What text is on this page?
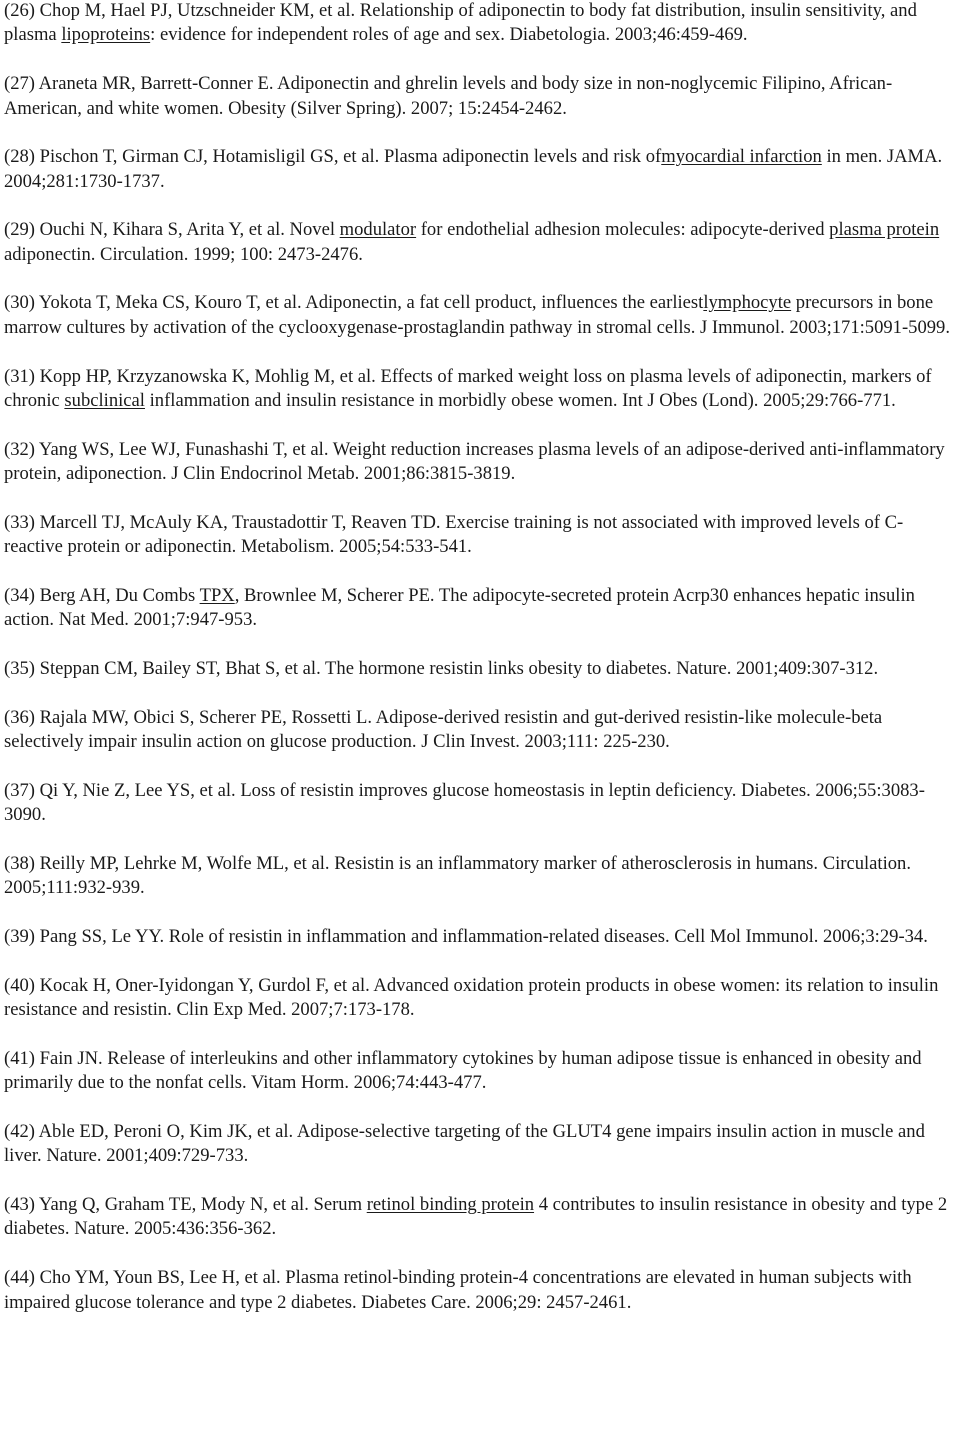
(26) Chop M, Hael PJ, Utzschneider KM, et al. Relationship of adiponectin to body fat distribution, insulin sensitivity, and plasma lipoproteins: evidence for independent roles of age and sex. Diabetologia. 2003;46:459-469.

(27) Araneta MR, Barrett-Conner E. Adiponectin and ghrelin levels and body size in non-noglycemic Filipino, African-American, and white women. Obesity (Silver Spring). 2007; 15:2454-2462.

(28) Pischon T, Girman CJ, Hotamisligil GS, et al. Plasma adiponectin levels and risk ofmyocardial infarction in men. JAMA. 2004;281:1730-1737.

(29) Ouchi N, Kihara S, Arita Y, et al. Novel modulator for endothelial adhesion molecules: adipocyte-derived plasma protein adiponectin. Circulation. 1999; 100: 2473-2476.

(30) Yokota T, Meka CS, Kouro T, et al. Adiponectin, a fat cell product, influences the earliestlymphocyte precursors in bone marrow cultures by activation of the cyclooxygenase-prostaglandin pathway in stromal cells. J Immunol. 2003;171:5091-5099.

(31) Kopp HP, Krzyzanowska K, Mohlig M, et al. Effects of marked weight loss on plasma levels of adiponectin, markers of chronic subclinical inflammation and insulin resistance in morbidly obese women. Int J Obes (Lond). 2005;29:766-771.

(32) Yang WS, Lee WJ, Funashashi T, et al. Weight reduction increases plasma levels of an adipose-derived anti-inflammatory protein, adiponection. J Clin Endocrinol Metab. 2001;86:3815-3819.

(33) Marcell TJ, McAuly KA, Traustadottir T, Reaven TD. Exercise training is not associated with improved levels of C-reactive protein or adiponectin. Metabolism. 2005;54:533-541.

(34) Berg AH, Du Combs TPX, Brownlee M, Scherer PE. The adipocyte-secreted protein Acrp30 enhances hepatic insulin action. Nat Med. 2001;7:947-953.

(35) Steppan CM, Bailey ST, Bhat S, et al. The hormone resistin links obesity to diabetes. Nature. 2001;409:307-312.

(36) Rajala MW, Obici S, Scherer PE, Rossetti L. Adipose-derived resistin and gut-derived resistin-like molecule-beta selectively impair insulin action on glucose production. J Clin Invest. 2003;111: 225-230.

(37) Qi Y, Nie Z, Lee YS, et al. Loss of resistin improves glucose homeostasis in leptin deficiency. Diabetes. 2006;55:3083-3090.

(38) Reilly MP, Lehrke M, Wolfe ML, et al. Resistin is an inflammatory marker of atherosclerosis in humans. Circulation. 2005;111:932-939.

(39) Pang SS, Le YY. Role of resistin in inflammation and inflammation-related diseases. Cell Mol Immunol. 2006;3:29-34.

(40) Kocak H, Oner-Iyidongan Y, Gurdol F, et al. Advanced oxidation protein products in obese women: its relation to insulin resistance and resistin. Clin Exp Med. 2007;7:173-178.

(41) Fain JN. Release of interleukins and other inflammatory cytokines by human adipose tissue is enhanced in obesity and primarily due to the nonfat cells. Vitam Horm. 2006;74:443-477.

(42) Able ED, Peroni O, Kim JK, et al. Adipose-selective targeting of the GLUT4 gene impairs insulin action in muscle and liver. Nature. 2001;409:729-733.

(43) Yang Q, Graham TE, Mody N, et al. Serum retinol binding protein 4 contributes to insulin resistance in obesity and type 2 diabetes. Nature. 2005:436:356-362.

(44) Cho YM, Youn BS, Lee H, et al. Plasma retinol-binding protein-4 concentrations are elevated in human subjects with impaired glucose tolerance and type 2 diabetes. Diabetes Care. 2006;29: 2457-2461.
